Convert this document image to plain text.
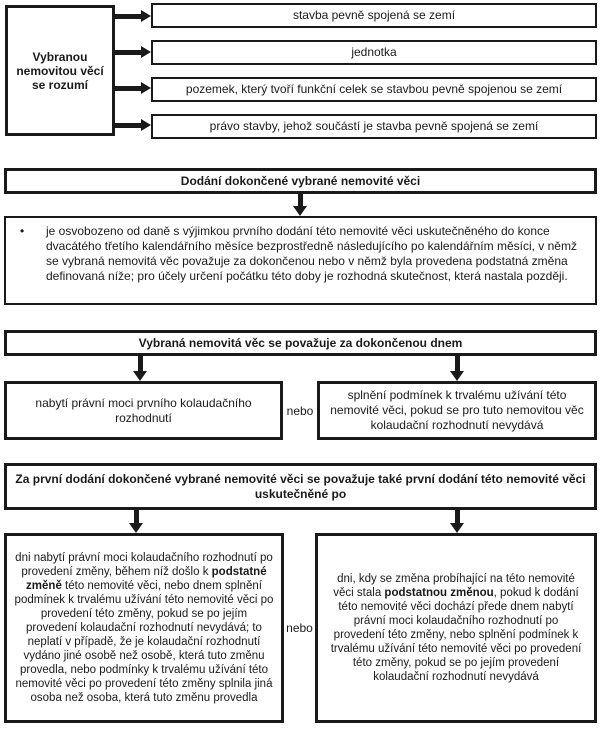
Vybranou nemovitou věcí se rozumí
stavba pevně spojená se zemí
jednotka
pozemek, který tvoří funkční celek se stavbou pevně spojenou se zemí
právo stavby, jehož součástí je stavba pevně spojená se zemí
Dodání dokončené vybrané nemovité věci
•	je osvobozeno od daně s výjimkou prvního dodání této nemovité věci uskutečněného do konce dvacátého třetího kalendářního měsíce bezprostředně následujícího po kalendářním měsíci, v němž se vybraná nemovitá věc považuje za dokončenou nebo v němž byla provedena podstatná změna definovaná níže; pro účely určení počátku této doby je rozhodná skutečnost, která nastala později.
Vybraná nemovitá věc se považuje za dokončenou dnem
nabytí právní moci prvního kolaudačního rozhodnutí	nebo
splnění podmínek k trvalému užívání této nemovité věci, pokud se pro tuto nemovitou věc kolaudační rozhodnutí nevydává
Za první dodání dokončené vybrané nemovité věci se považuje také první dodání této nemovité věci uskutečněné po
dni nabytí právní moci kolaudačního rozhodnutí po provedení změny, během níž došlo k podstatné změně této nemovité věci, nebo dnem splnění podmínek k trvalému užívání této nemovité věci po provedení této změny, pokud se po jejím provedení kolaudační rozhodnutí nevydává; to neplatí v případě, že je kolaudační rozhodnutí vydáno jiné osobě než osobě, která tuto změnu provedla, nebo podmínky k trvalému užívání této nemovité věci po provedení této změny splnila jiná osoba než osoba, která tuto změnu provedla
nebo
dni, kdy se změna probíhající na této nemovité věci stala podstatnou změnou, pokud k dodání této nemovité věci dochází přede dnem nabytí právní moci kolaudačního rozhodnutí po provedení této změny, nebo splnění podmínek k trvalému užívání této nemovité věci po provedení této změny, pokud se po jejím provedení kolaudační rozhodnutí nevydává
